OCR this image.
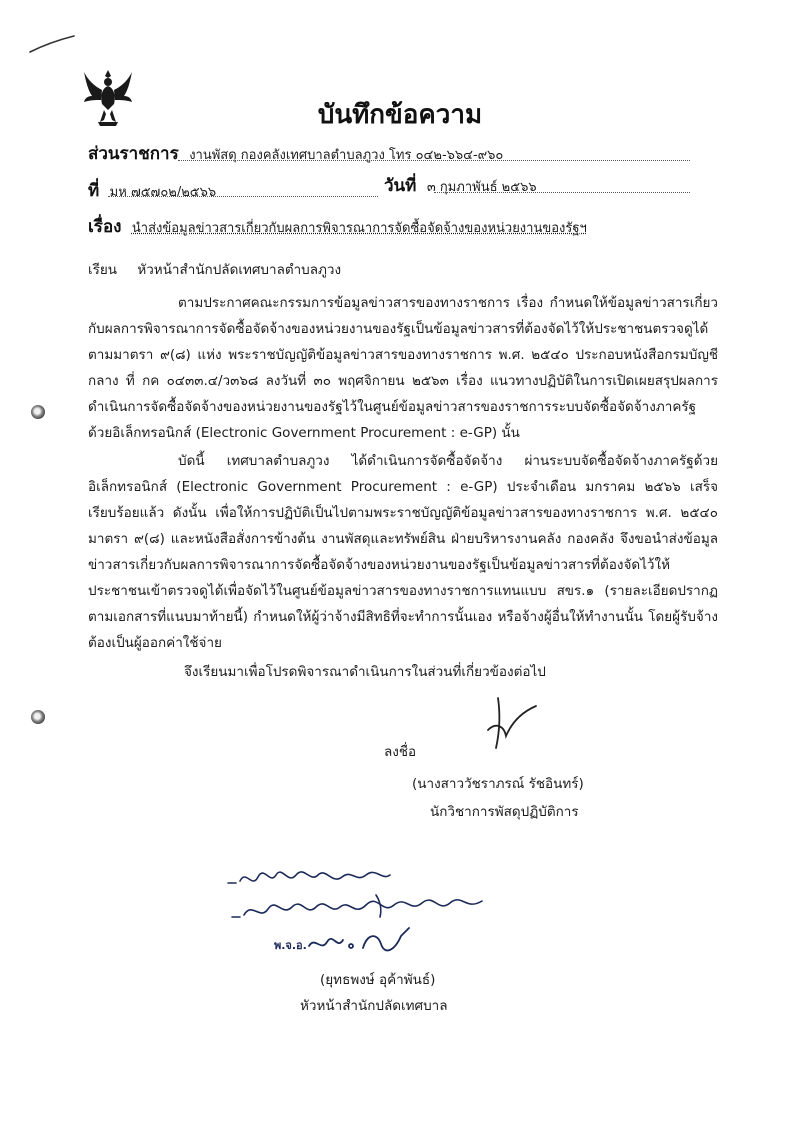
บันทึกข้อความ
ส่วนราชการ งานพัสดุ กองคลังเทศบาลตำบลภูวง โทร ๐๔๒-๖๖๔-๙๖๐
ที่ มห ๗๕๗๐๒/๒๕๖๖	วันที่ ๓ กุมภาพันธ์ ๒๕๖๖
เรื่อง นำส่งข้อมูลข่าวสารเกี่ยวกับผลการพิจารณาการจัดซื้อจัดจ้างของหน่วยงานของรัฐฯ
เรียน หัวหน้าสำนักปลัดเทศบาลตำบลภูวง

ตามประกาศคณะกรรมการข้อมูลข่าวสารของทางราชการ เรื่อง กำหนดให้ข้อมูลข่าวสารเกี่ยวกับผลการพิจารณาการจัดซื้อจัดจ้างของหน่วยงานของรัฐเป็นข้อมูลข่าวสารที่ต้องจัดไว้ให้ประชาชนตรวจดูได้ตามมาตรา ๙(๘) แห่ง พระราชบัญญัติข้อมูลข่าวสารของทางราชการ พ.ศ. ๒๕๔๐ ประกอบหนังสือกรมบัญชีกลาง ที่ กค ๐๔๓๓.๔/ว๓๖๘ ลงวันที่ ๓๐ พฤศจิกายน ๒๕๖๓ เรื่อง แนวทางปฏิบัติในการเปิดเผยสรุปผลการดำเนินการจัดซื้อจัดจ้างของหน่วยงานของรัฐไว้ในศูนย์ข้อมูลข่าวสารของราชการระบบจัดซื้อจัดจ้างภาครัฐด้วยอิเล็กทรอนิกส์ (Electronic Government Procurement : e-GP) นั้น

บัดนี้ เทศบาลตำบลภูวง ได้ดำเนินการจัดซื้อจัดจ้าง ผ่านระบบจัดซื้อจัดจ้างภาครัฐด้วยอิเล็กทรอนิกส์ (Electronic Government Procurement : e-GP) ประจำเดือน มกราคม ๒๕๖๖ เสร็จเรียบร้อยแล้ว ดังนั้น เพื่อให้การปฏิบัติเป็นไปตามพระราชบัญญัติข้อมูลข่าวสารของทางราชการ พ.ศ. ๒๕๔๐ มาตรา ๙(๘) และหนังสือสั่งการข้างต้น งานพัสดุและทรัพย์สิน ฝ่ายบริหารงานคลัง กองคลัง จึงขอนำส่งข้อมูลข่าวสารเกี่ยวกับผลการพิจารณาการจัดซื้อจัดจ้างของหน่วยงานของรัฐเป็นข้อมูลข่าวสารที่ต้องจัดไว้ให้ประชาชนเข้าตรวจดูได้เพื่อจัดไว้ในศูนย์ข้อมูลข่าวสารของทางราชการแทนแบบ สขร.๑ (รายละเอียดปรากฏตามเอกสารที่แนบมาท้ายนี้) กำหนดให้ผู้ว่าจ้างมีสิทธิที่จะทำการนั้นเอง หรือจ้างผู้อื่นให้ทำงานนั้น โดยผู้รับจ้างต้องเป็นผู้ออกค่าใช้จ่าย

จึงเรียนมาเพื่อโปรดพิจารณาดำเนินการในส่วนที่เกี่ยวข้องต่อไป
ลงชื่อ
(นางสาววัชราภรณ์ รัชอินทร์)
นักวิชาการพัสดุปฏิบัติการ
พ.จ.อ.
(ยุทธพงษ์ อุค้าพันธ์)
หัวหน้าสำนักปลัดเทศบาล
